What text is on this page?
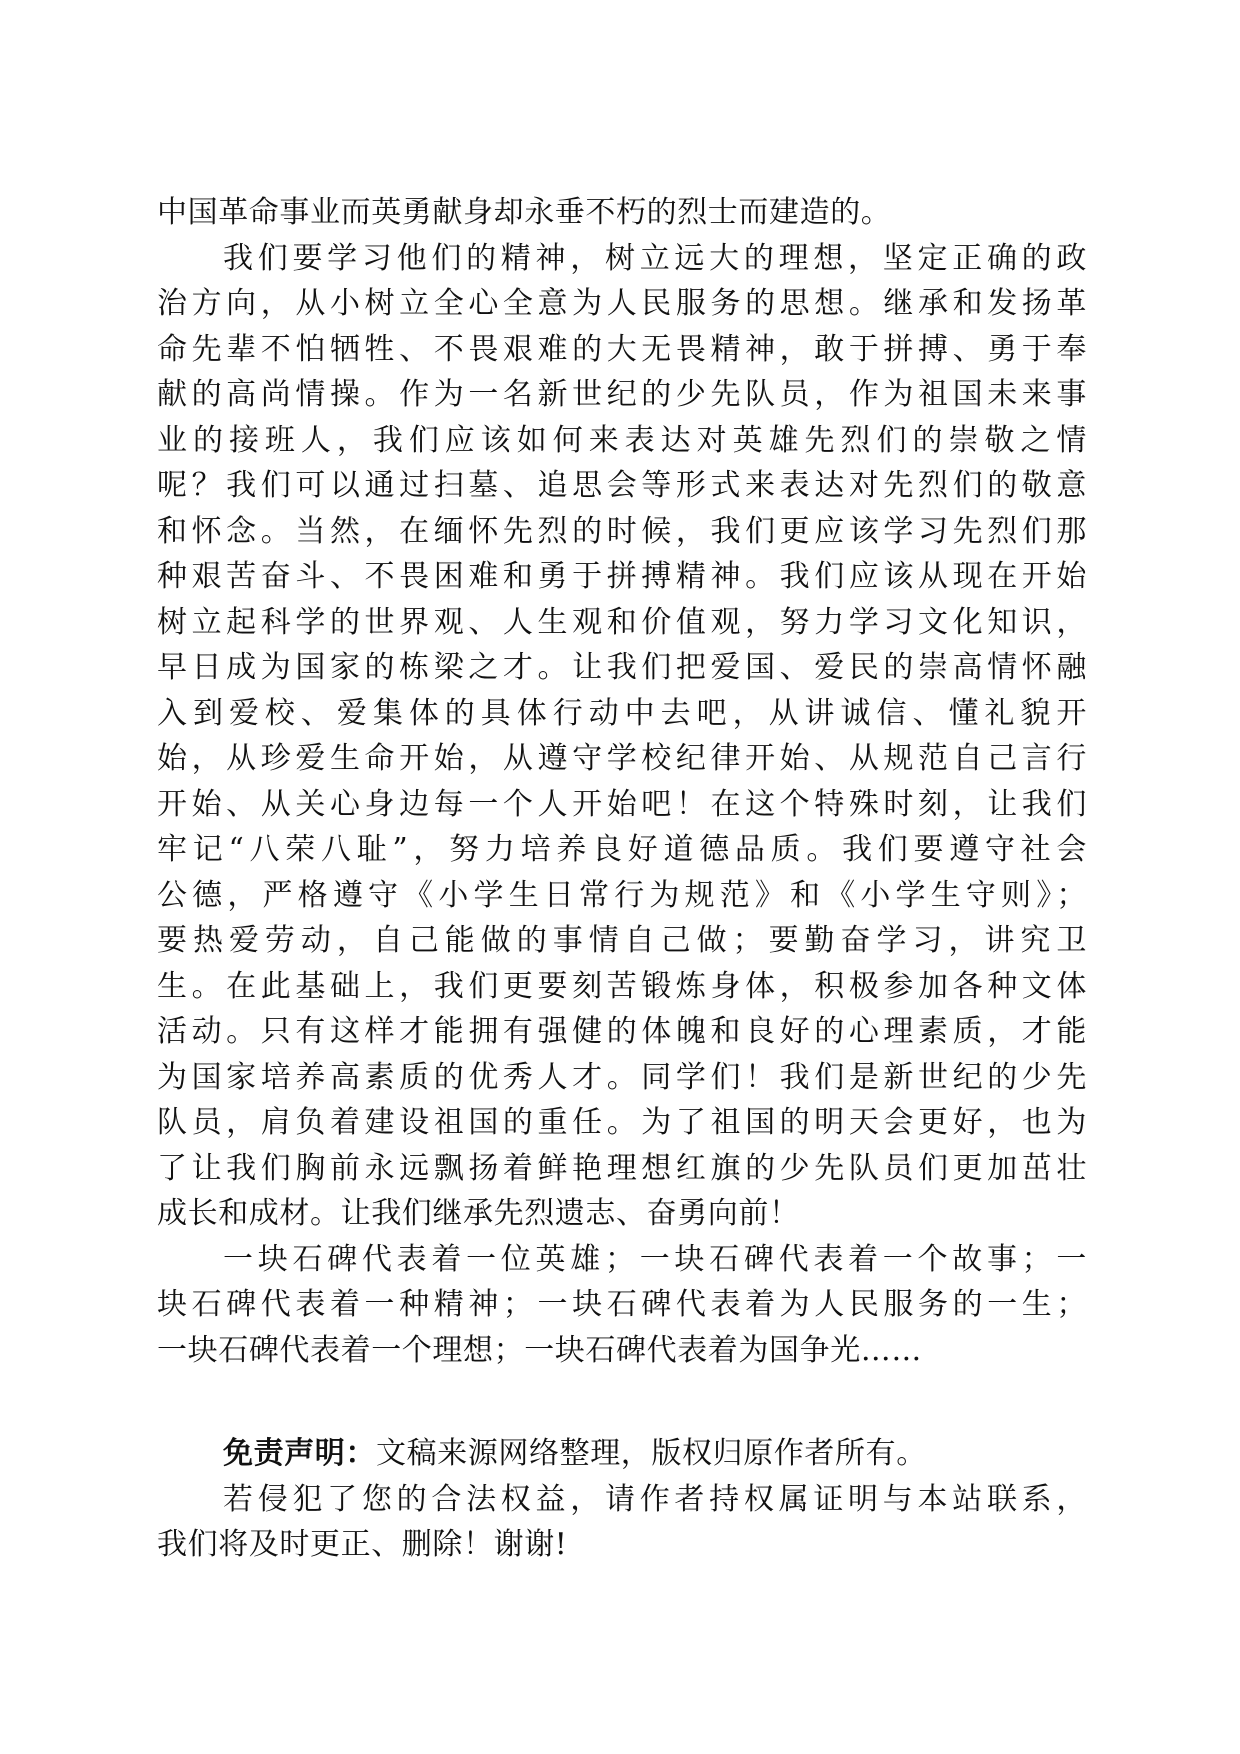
中国革命事业而英勇献身却永垂不朽的烈士而建造的。
我们要学习他们的精神，树立远大的理想，坚定正确的政
治方向，从小树立全心全意为人民服务的思想。继承和发扬革
命先辈不怕牺牲、不畏艰难的大无畏精神，敢于拼搏、勇于奉
献的高尚情操。作为一名新世纪的少先队员，作为祖国未来事
业的接班人，我们应该如何来表达对英雄先烈们的崇敬之情
呢？我们可以通过扫墓、追思会等形式来表达对先烈们的敬意
和怀念。当然，在缅怀先烈的时候，我们更应该学习先烈们那
种艰苦奋斗、不畏困难和勇于拼搏精神。我们应该从现在开始
树立起科学的世界观、人生观和价值观，努力学习文化知识，
早日成为国家的栋梁之才。让我们把爱国、爱民的崇高情怀融
入到爱校、爱集体的具体行动中去吧，从讲诚信、懂礼貌开
始，从珍爱生命开始，从遵守学校纪律开始、从规范自己言行
开始、从关心身边每一个人开始吧！在这个特殊时刻，让我们
牢记“八荣八耻”，努力培养良好道德品质。我们要遵守社会
公德，严格遵守《小学生日常行为规范》和《小学生守则》；
要热爱劳动，自己能做的事情自己做；要勤奋学习，讲究卫
生。在此基础上，我们更要刻苦锻炼身体，积极参加各种文体
活动。只有这样才能拥有强健的体魄和良好的心理素质，才能
为国家培养高素质的优秀人才。同学们！我们是新世纪的少先
队员，肩负着建设祖国的重任。为了祖国的明天会更好，也为
了让我们胸前永远飘扬着鲜艳理想红旗的少先队员们更加茁壮
成长和成材。让我们继承先烈遗志、奋勇向前！
一块石碑代表着一位英雄；一块石碑代表着一个故事；一
块石碑代表着一种精神；一块石碑代表着为人民服务的一生；
一块石碑代表着一个理想；一块石碑代表着为国争光……
免责声明：文稿来源网络整理，版权归原作者所有。
若侵犯了您的合法权益，请作者持权属证明与本站联系，
我们将及时更正、删除！谢谢!
